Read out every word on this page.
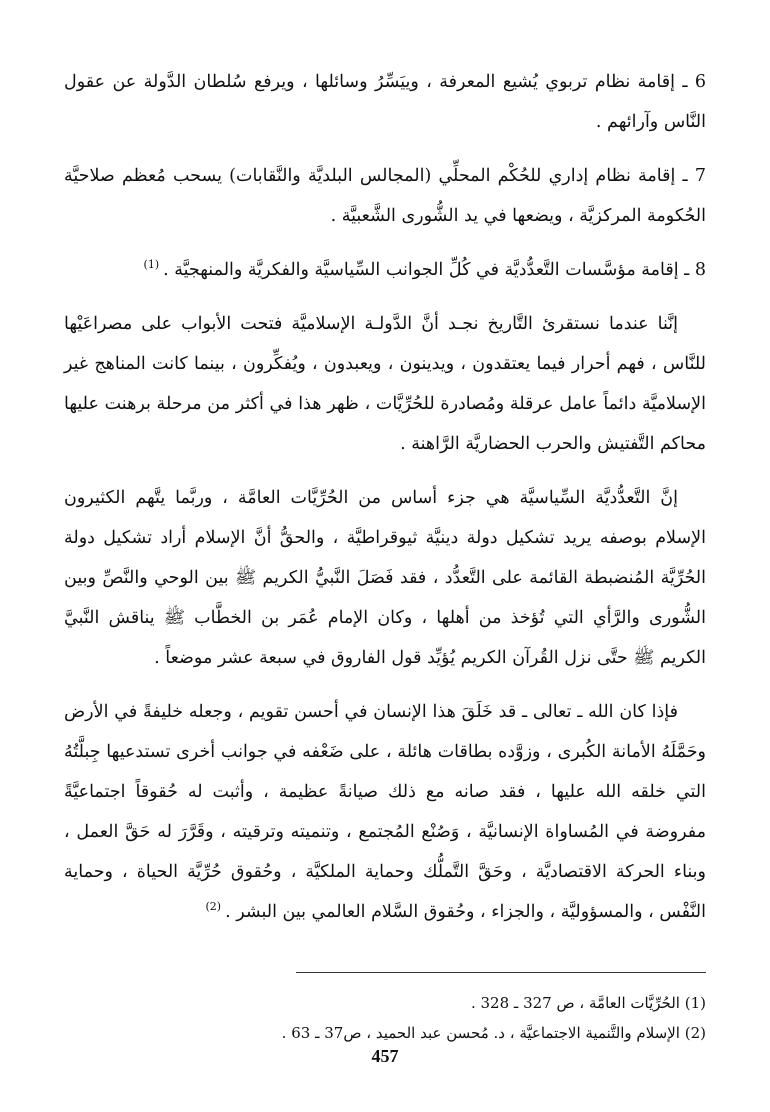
6 ـ إقامة نظام تربوي يُشيع المعرفة ، وييَسِّرُ وسائلها ، ويرفع سُلطان الدَّولة عن عقول النَّاس وآرائهم .

7 ـ إقامة نظام إداري للحُكْم المحلِّي (المجالس البلديَّة والنَّقابات) يسحب مُعظم صلاحيَّة الحُكومة المركزيَّة ، ويضعها في يد الشُّورى الشَّعبيَّة .

8 ـ إقامة مؤسَّسات التَّعدُّديَّة في كُلِّ الجوانب السِّياسيَّة والفكريَّة والمنهجيَّة .$^{(1)}$

إنَّنا عندما نستقرئ التَّاريخ نجـد أنَّ الدَّولـة الإسلاميَّة فتحت الأبواب على مصراعَيْها للنَّاس ، فهم أحرار فيما يعتقدون ، ويدينون ، ويعبدون ، ويُفكِّرون ، بينما كانت المناهج غير الإسلاميَّة دائماً عامل عرقلة ومُصادرة للحُرِّيَّات ، ظهر هذا في أكثر من مرحلة برهنت عليها محاكم التَّفتيش والحرب الحضاريَّة الرَّاهنة .

إنَّ التَّعدُّديَّة السِّياسيَّة هي جزء أساس من الحُرِّيَّات العامَّة ، وربَّما يتَّهم الكثيرون الإسلام بوصفه يريد تشكيل دولة دينيَّة ثيوقراطيَّة ، والحقُّ أنَّ الإسلام أراد تشكيل دولة الحُرِّيَّة المُنضبطة القائمة على التَّعدُّد ، فقد فَصَلَ النَّبيُّ الكريم ﷺ بين الوحي والنَّصِّ وبين الشُّورى والرَّأي التي تُؤخذ من أهلها ، وكان الإمام عُمَر بن الخطَّاب ﷺ يناقش النَّبيَّ الكريم ﷺ حتَّى نزل القُرآن الكريم يُؤيِّد قول الفاروق في سبعة عشر موضعاً .

فإذا كان الله ـ تعالى ـ قد خَلَقَ هذا الإنسان في أحسن تقويم ، وجعله خليفةً في الأرض وحَمَّلَهُ الأمانة الكُبرى ، وزوَّده بطاقات هائلة ، على ضَعْفه في جوانب أخرى تستدعيها جِبلَّتُهُ التي خلقه الله عليها ، فقد صانه مع ذلك صيانةً عظيمة ، وأثبت له حُقوقاً اجتماعيَّةً مفروضة في المُساواة الإنسانيَّة ، وَصُنْع المُجتمع ، وتنميته وترقيته ، وقَرَّرَ له حَقَّ العمل ، وبناء الحركة الاقتصاديَّة ، وحَقَّ التَّملُّك وحماية الملكيَّة ، وحُقوق حُرِّيَّة الحياة ، وحماية النَّفْس ، والمسؤوليَّة ، والجزاء ، وحُقوق السَّلام العالمي بين البشر .$^{(2)}$

(1) الحُرِّيَّات العامَّة ، ص 327 ـ 328 .

(2) الإسلام والتَّنمية الاجتماعيَّة ، د. مُحسن عبد الحميد ، ص37 ـ 63 .

457
